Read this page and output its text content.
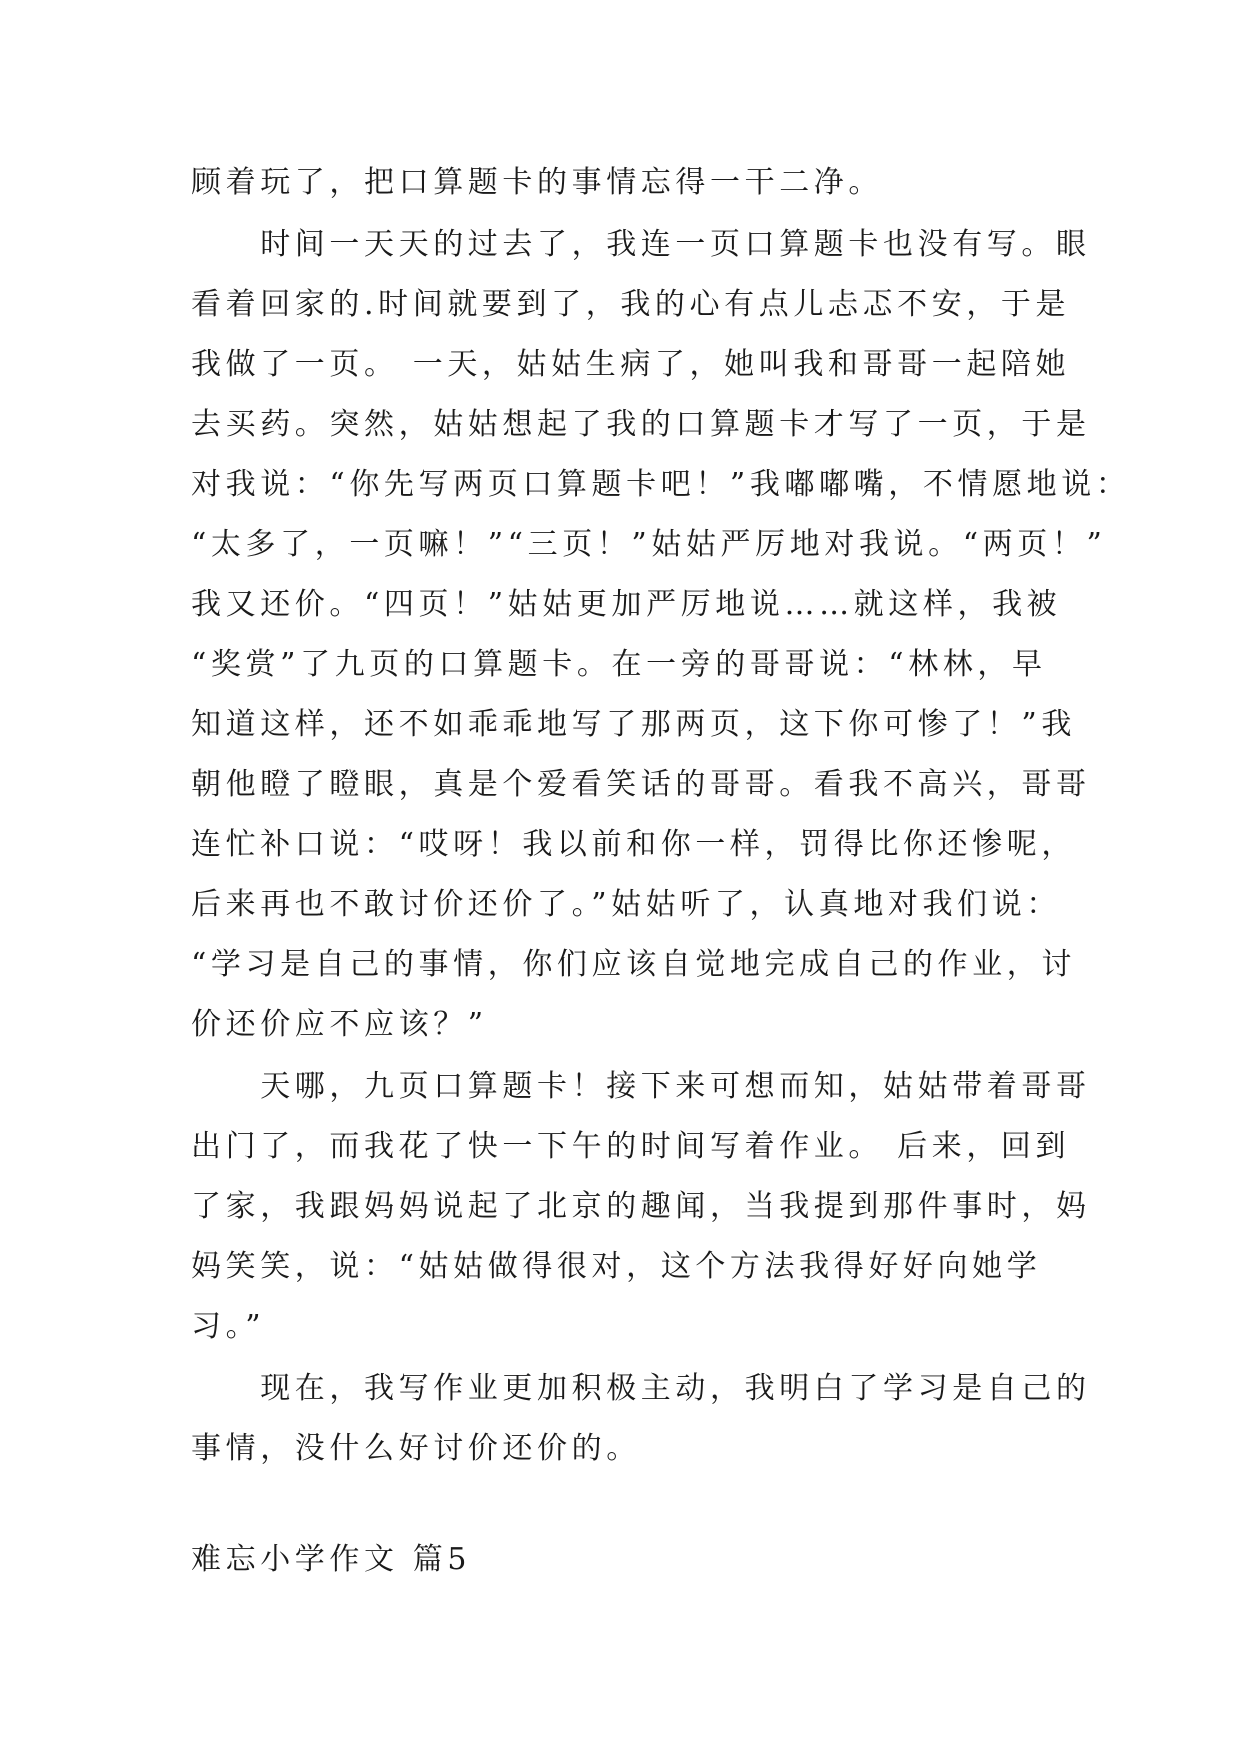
顾着玩了，把口算题卡的事情忘得一干二净。
　　时间一天天的过去了，我连一页口算题卡也没有写。眼
看着回家的.时间就要到了，我的心有点儿忐忑不安，于是
我做了一页。 一天，姑姑生病了，她叫我和哥哥一起陪她
去买药。突然，姑姑想起了我的口算题卡才写了一页，于是
对我说：“你先写两页口算题卡吧！”我嘟嘟嘴，不情愿地说：
“太多了，一页嘛！”“三页！”姑姑严厉地对我说。“两页！”
我又还价。“四页！”姑姑更加严厉地说……就这样，我被
“奖赏”了九页的口算题卡。在一旁的哥哥说：“林林，早
知道这样，还不如乖乖地写了那两页，这下你可惨了！”我
朝他瞪了瞪眼，真是个爱看笑话的哥哥。看我不高兴，哥哥
连忙补口说：“哎呀！我以前和你一样，罚得比你还惨呢，
后来再也不敢讨价还价了。”姑姑听了，认真地对我们说：
“学习是自己的事情，你们应该自觉地完成自己的作业，讨
价还价应不应该？”
　　天哪，九页口算题卡！接下来可想而知，姑姑带着哥哥
出门了，而我花了快一下午的时间写着作业。 后来，回到
了家，我跟妈妈说起了北京的趣闻，当我提到那件事时，妈
妈笑笑，说：“姑姑做得很对，这个方法我得好好向她学
习。”
　　现在，我写作业更加积极主动，我明白了学习是自己的
事情，没什么好讨价还价的。
难忘小学作文 篇5
